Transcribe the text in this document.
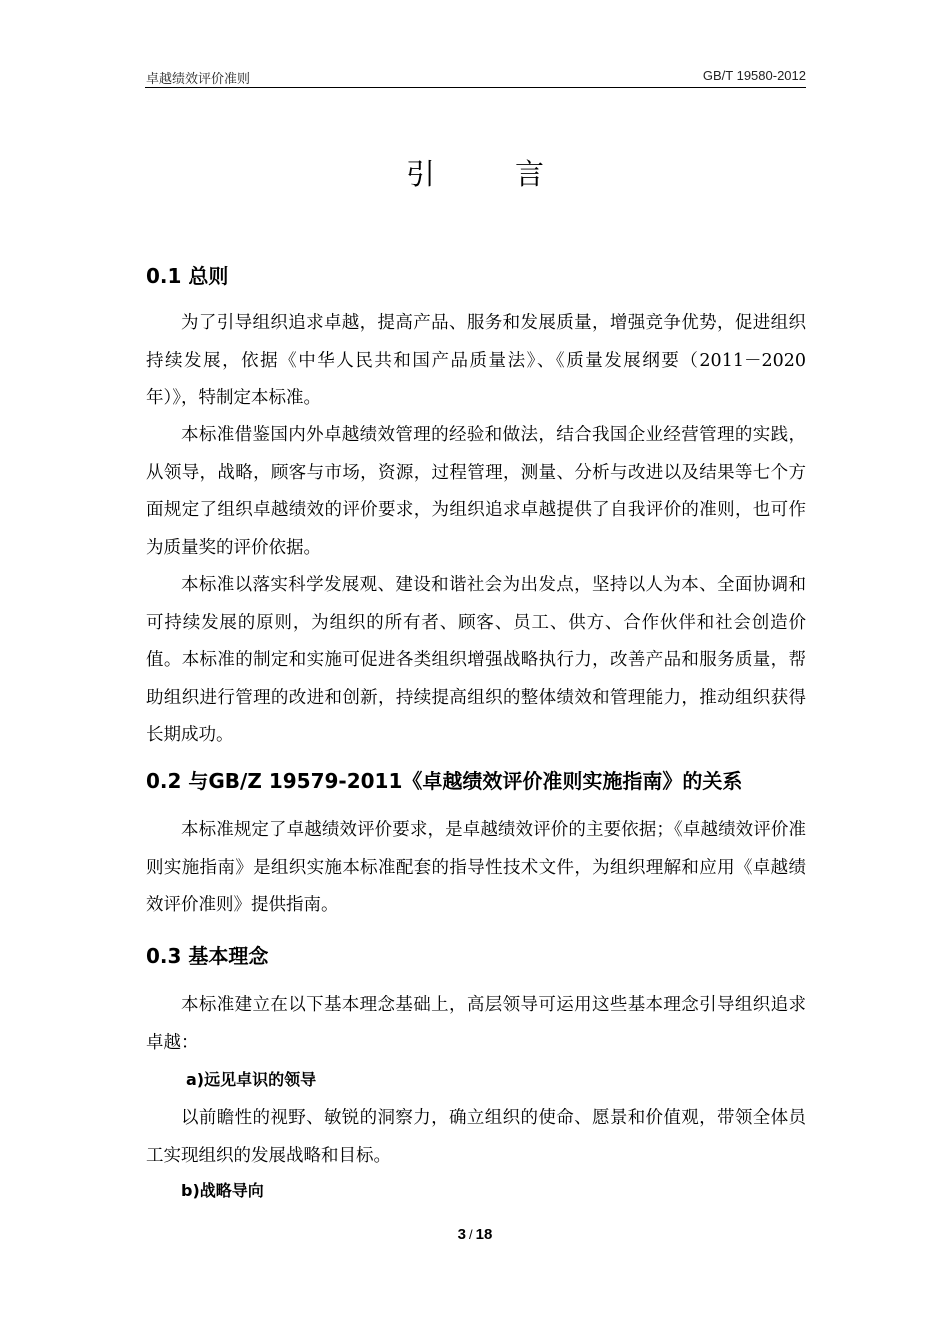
卓越绩效评价准则	GB/T 19580-2012
引言
0.1 总则
为了引导组织追求卓越，提高产品、服务和发展质量，增强竞争优势，促进组织持续发展，依据《中华人民共和国产品质量法》、《质量发展纲要（2011－2020年）》，特制定本标准。
本标准借鉴国内外卓越绩效管理的经验和做法，结合我国企业经营管理的实践，从领导，战略，顾客与市场，资源，过程管理，测量、分析与改进以及结果等七个方面规定了组织卓越绩效的评价要求，为组织追求卓越提供了自我评价的准则，也可作为质量奖的评价依据。
本标准以落实科学发展观、建设和谐社会为出发点，坚持以人为本、全面协调和可持续发展的原则，为组织的所有者、顾客、员工、供方、合作伙伴和社会创造价值。本标准的制定和实施可促进各类组织增强战略执行力，改善产品和服务质量，帮助组织进行管理的改进和创新，持续提高组织的整体绩效和管理能力，推动组织获得长期成功。
0.2 与GB/Z 19579-2011《卓越绩效评价准则实施指南》的关系
本标准规定了卓越绩效评价要求，是卓越绩效评价的主要依据；《卓越绩效评价准则实施指南》是组织实施本标准配套的指导性技术文件，为组织理解和应用《卓越绩效评价准则》提供指南。
0.3 基本理念
本标准建立在以下基本理念基础上，高层领导可运用这些基本理念引导组织追求卓越：
a)远见卓识的领导
以前瞻性的视野、敏锐的洞察力，确立组织的使命、愿景和价值观，带领全体员工实现组织的发展战略和目标。
b)战略导向
3 / 18
